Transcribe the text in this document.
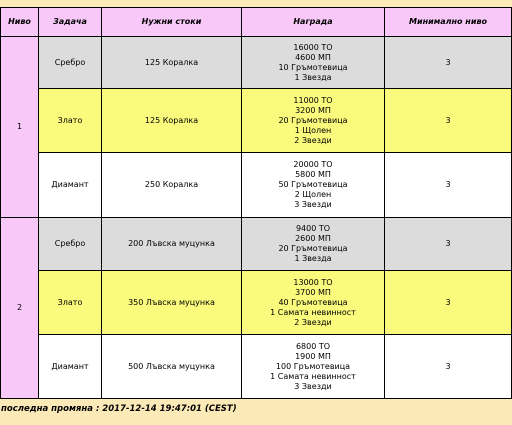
Ниво	Задача	Нужни стоки	Награда	Минимално ниво
1	Сребро	125 Коралка	16000 ТО
4600 МП
10 Гръмотевица
1 Звезда	3
	Злато	125 Коралка	11000 ТО
3200 МП
20 Гръмотевица
1 Щолен
2 Звезди	3
	Диамант	250 Коралка	20000 ТО
5800 МП
50 Гръмотевица
2 Щолен
3 Звезди	3
2	Сребро	200 Лъвска муцунка	9400 ТО
2600 МП
20 Гръмотевица
1 Звезда	3
	Злато	350 Лъвска муцунка	13000 ТО
3700 МП
40 Гръмотевица
1 Самата невинност
2 Звезди	3
	Диамант	500 Лъвска муцунка	6800 ТО
1900 МП
100 Гръмотевица
1 Самата невинност
3 Звезди	3
последна промяна : 2017-12-14 19:47:01 (CEST)
